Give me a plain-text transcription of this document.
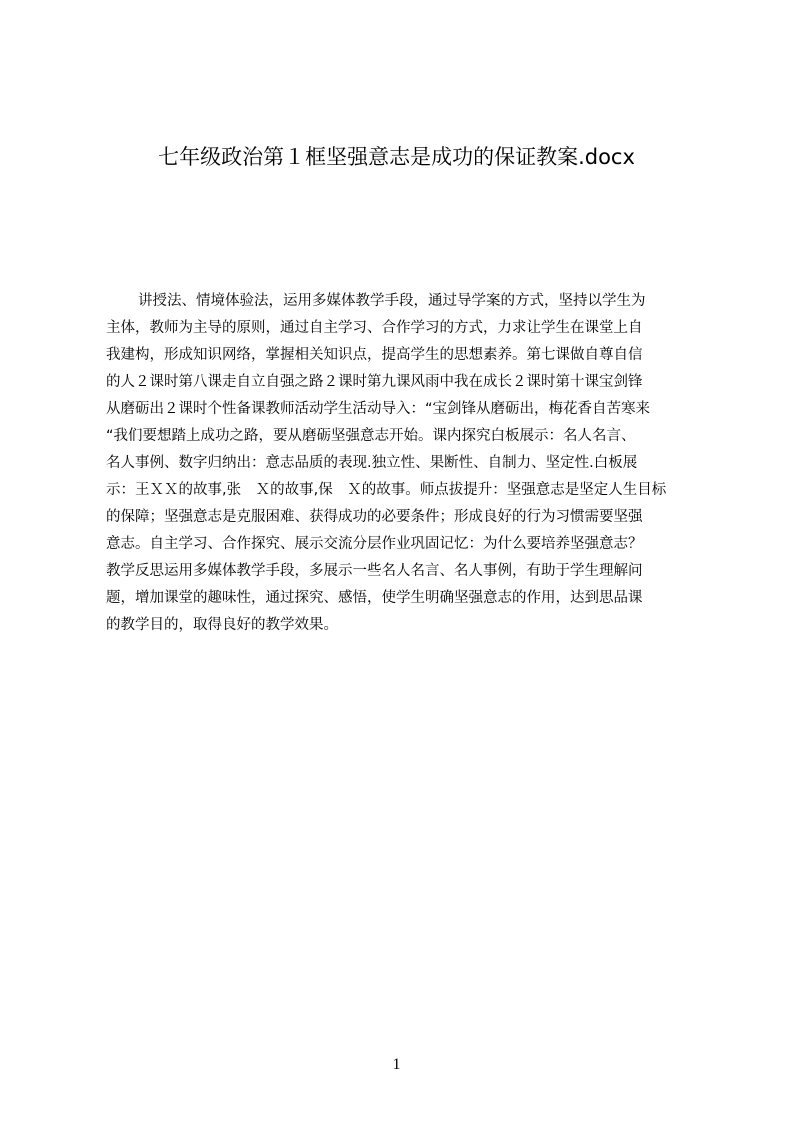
七年级政治第１框坚强意志是成功的保证教案.docx
讲授法、情境体验法，运用多媒体教学手段，通过导学案的方式，坚持以学生为
主体，教师为主导的原则，通过自主学习、合作学习的方式，力求让学生在课堂上自
我建构，形成知识网络，掌握相关知识点，提高学生的思想素养。第七课做自尊自信
的人２课时第八课走自立自强之路２课时第九课风雨中我在成长２课时第十课宝剑锋
从磨砺出２课时个性备课教师活动学生活动导入：“宝剑锋从磨砺出，梅花香自苦寒来
“我们要想踏上成功之路，要从磨砺坚强意志开始。课内探究白板展示：名人名言、
名人事例、数字归纳出：意志品质的表现.独立性、果断性、自制力、坚定性.白板展
示：王ＸＸ的故事,张　Ｘ的故事,保　Ｘ的故事。师点拔提升：坚强意志是坚定人生目标
的保障；坚强意志是克服困难、获得成功的必要条件；形成良好的行为习惯需要坚强
意志。自主学习、合作探究、展示交流分层作业巩固记忆：为什么要培养坚强意志？
教学反思运用多媒体教学手段，多展示一些名人名言、名人事例，有助于学生理解问
题，增加课堂的趣味性，通过探究、感悟，使学生明确坚强意志的作用，达到思品课
的教学目的，取得良好的教学效果。
1
